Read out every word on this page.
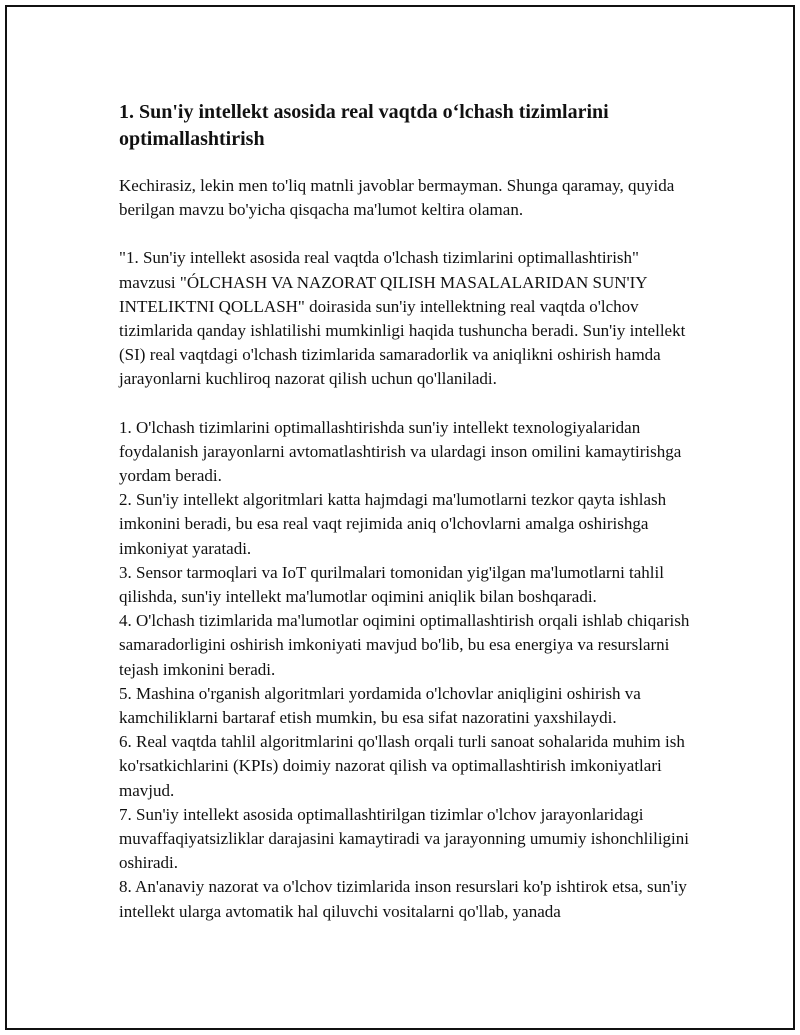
1. Sun'iy intellekt asosida real vaqtda o‘lchash tizimlarini optimallashtirish

Kechirasiz, lekin men to'liq matnli javoblar bermayman. Shunga qaramay, quyida berilgan mavzu bo'yicha qisqacha ma'lumot keltira olaman.

"1. Sun'iy intellekt asosida real vaqtda o'lchash tizimlarini optimallashtirish" mavzusi "ÓLCHASH VA NAZORAT QILISH MASALALARIDAN SUN'IY INTELIKTNI QOLLASH" doirasida sun'iy intellektning real vaqtda o'lchov tizimlarida qanday ishlatilishi mumkinligi haqida tushuncha beradi. Sun'iy intellekt (SI) real vaqtdagi o'lchash tizimlarida samaradorlik va aniqlikni oshirish hamda jarayonlarni kuchliroq nazorat qilish uchun qo'llaniladi.

1. O'lchash tizimlarini optimallashtirishda sun'iy intellekt texnologiyalaridan foydalanish jarayonlarni avtomatlashtirish va ulardagi inson omilini kamaytirishga yordam beradi.
2. Sun'iy intellekt algoritmlari katta hajmdagi ma'lumotlarni tezkor qayta ishlash imkonini beradi, bu esa real vaqt rejimida aniq o'lchovlarni amalga oshirishga imkoniyat yaratadi.
3. Sensor tarmoqlari va IoT qurilmalari tomonidan yig'ilgan ma'lumotlarni tahlil qilishda, sun'iy intellekt ma'lumotlar oqimini aniqlik bilan boshqaradi.
4. O'lchash tizimlarida ma'lumotlar oqimini optimallashtirish orqali ishlab chiqarish samaradorligini oshirish imkoniyati mavjud bo'lib, bu esa energiya va resurslarni tejash imkonini beradi.
5. Mashina o'rganish algoritmlari yordamida o'lchovlar aniqligini oshirish va kamchiliklarni bartaraf etish mumkin, bu esa sifat nazoratini yaxshilaydi.
6. Real vaqtda tahlil algoritmlarini qo'llash orqali turli sanoat sohalarida muhim ish ko'rsatkichlarini (KPIs) doimiy nazorat qilish va optimallashtirish imkoniyatlari mavjud.
7. Sun'iy intellekt asosida optimallashtirilgan tizimlar o'lchov jarayonlaridagi muvaffaqiyatsizliklar darajasini kamaytiradi va jarayonning umumiy ishonchliligini oshiradi.
8. An'anaviy nazorat va o'lchov tizimlarida inson resurslari ko'p ishtirok etsa, sun'iy intellekt ularga avtomatik hal qiluvchi vositalarni qo'llab, yanada
